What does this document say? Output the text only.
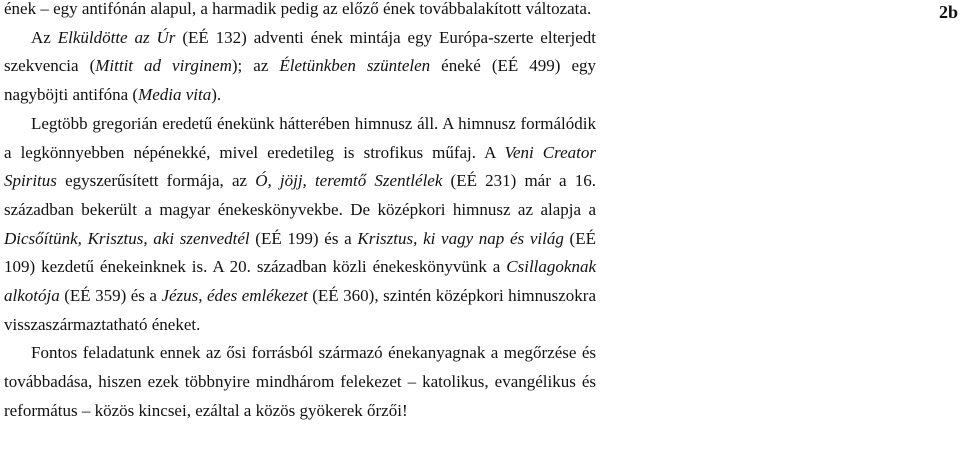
2b

ének – egy antifónán alapul, a harmadik pedig az előző ének továbbalakított változata.

Az Elküldötte az Úr (EÉ 132) adventi ének mintája egy Európa-szerte elterjedt szekvencia (Mittit ad virginem); az Életünkben szüntelen éneké (EÉ 499) egy nagyböjti antifóna (Media vita).

Legtöbb gregorián eredetű énekünk hátterében himnusz áll. A himnusz formálódik a legkönnyebben népénekké, mivel eredetileg is strofikus műfaj. A Veni Creator Spiritus egyszerűsített formája, az Ó, jöjj, teremtő Szentlélek (EÉ 231) már a 16. században bekerült a magyar énekeskönyvekbe. De középkori himnusz az alapja a Dicsőítünk, Krisztus, aki szenvedtél (EÉ 199) és a Krisztus, ki vagy nap és világ (EÉ 109) kezdetű énekeinknek is. A 20. században közli énekeskönyvünk a Csillagoknak alkotója (EÉ 359) és a Jézus, édes emlékezet (EÉ 360), szintén középkori himnuszokra visszaszármaztatható éneket.

Fontos feladatunk ennek az ősi forrásból származó énekanyagnak a megőrzése és továbbadása, hiszen ezek többnyire mindhárom felekezet – katolikus, evangélikus és református – közös kincsei, ezáltal a közös gyökerek őrzői!
